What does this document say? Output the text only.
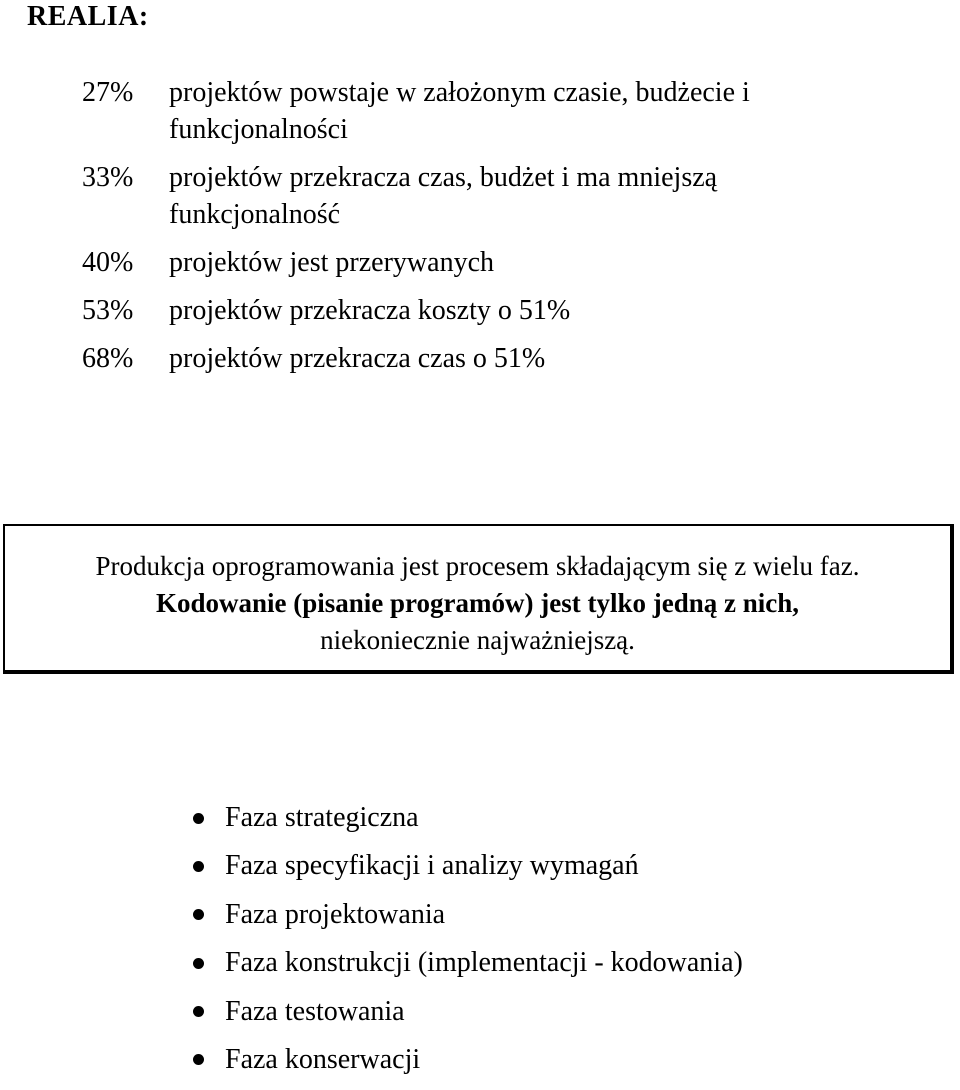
REALIA:
27%	projektów powstaje w założonym czasie, budżecie i funkcjonalności
33%	projektów przekracza czas, budżet i ma mniejszą funkcjonalność
40%	projektów jest przerywanych
53%	projektów przekracza koszty o 51%
68%	projektów przekracza czas o 51%
Produkcja oprogramowania jest procesem składającym się z wielu faz.
Kodowanie (pisanie programów) jest tylko jedną z nich,
niekoniecznie najważniejszą.
Faza strategiczna
Faza specyfikacji i analizy wymagań
Faza projektowania
Faza konstrukcji (implementacji - kodowania)
Faza testowania
Faza konserwacji
